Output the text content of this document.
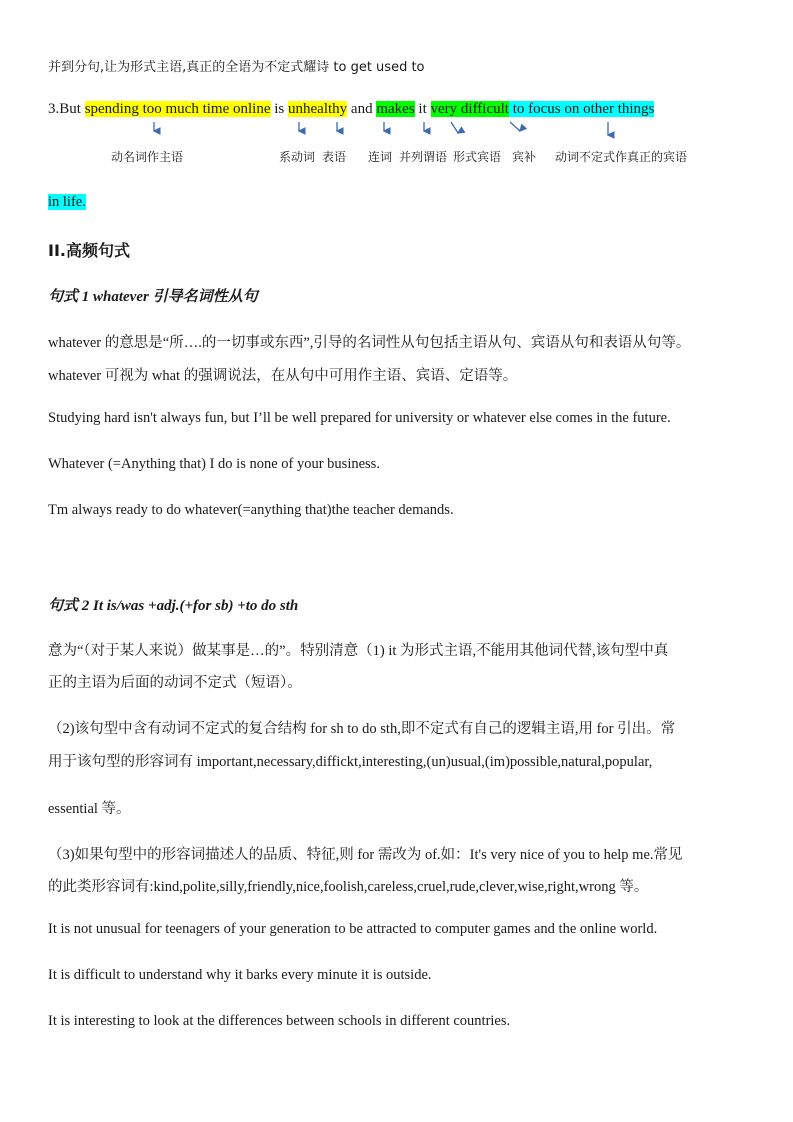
并到分句,让为形式主语,真正的全语为不定式耀诗 to get used to
3.But spending too much time online is unhealthy and makes it very difficult to focus on other things
动名词作主语	系动词 表语 连词 并列谓语 形式宾语 宾补 动词不定式作真正的宾语
in life.
II.高频句式
句式 1 whatever 引导名词性从句
whatever 的意思是“所….的一切事或东西”,引导的名词性从句包括主语从句、宾语从句和表语从句等。
whatever 可视为 what 的强调说法，在从句中可用作主语、宾语、定语等。
Studying hard isn't always fun, but I’ll be well prepared for university or whatever else comes in the future.
Whatever (=Anything that) I do is none of your business.
Tm always ready to do whatever(=anything that)the teacher demands.
句式 2 It is/was +adj.(+for sb) +to do sth
意为“（对于某人来说）做某事是…的”。特别清意（1) it 为形式主语,不能用其他词代替,该句型中真
正的主语为后面的动词不定式（短语）。
（2)该句型中含有动词不定式的复合结构 for sh to do sth,即不定式有自己的逻辑主语,用 for 引出。常
用于该句型的形容词有 important,necessary,diffickt,interesting,(un)usual,(im)possible,natural,popular,
essential 等。
（3)如果句型中的形容词描述人的品质、特征,则 for 需改为 of.如：It's very nice of you to help me.常见
的此类形容词有:kind,polite,silly,friendly,nice,foolish,careless,cruel,rude,clever,wise,right,wrong 等。
It is not unusual for teenagers of your generation to be attracted to computer games and the online world.
It is difficult to understand why it barks every minute it is outside.
It is interesting to look at the differences between schools in different countries.
